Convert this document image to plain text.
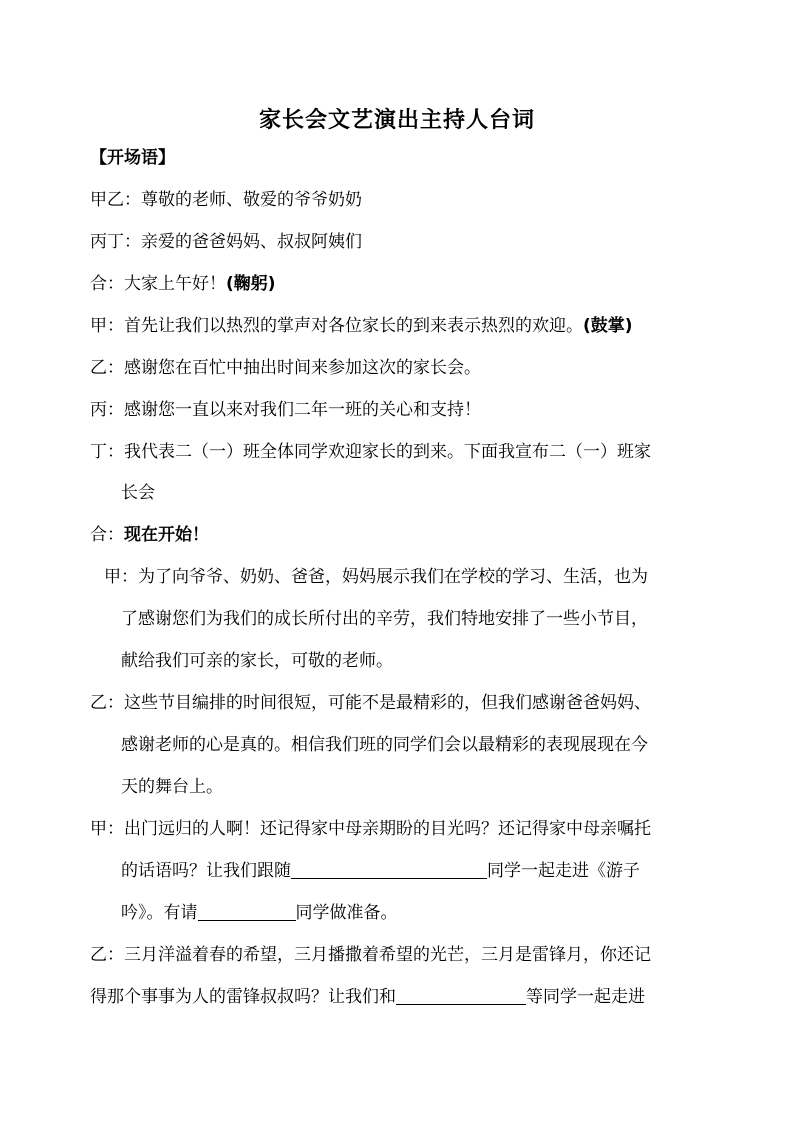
家长会文艺演出主持人台词
【开场语】
甲乙：尊敬的老师、敬爱的爷爷奶奶
丙丁：亲爱的爸爸妈妈、叔叔阿姨们
合：大家上午好！(鞠躬)
甲：首先让我们以热烈的掌声对各位家长的到来表示热烈的欢迎。(鼓掌)
乙：感谢您在百忙中抽出时间来参加这次的家长会。
丙：感谢您一直以来对我们二年一班的关心和支持！
丁：我代表二（一）班全体同学欢迎家长的到来。下面我宣布二（一）班家
长会
合：现在开始！
甲：为了向爷爷、奶奶、爸爸，妈妈展示我们在学校的学习、生活，也为
了感谢您们为我们的成长所付出的辛劳，我们特地安排了一些小节目，
献给我们可亲的家长，可敬的老师。
乙：这些节目编排的时间很短，可能不是最精彩的，但我们感谢爸爸妈妈、
感谢老师的心是真的。相信我们班的同学们会以最精彩的表现展现在今
天的舞台上。
甲：出门远归的人啊！还记得家中母亲期盼的目光吗？还记得家中母亲嘱托
的话语吗？让我们跟随	同学一起走进《游子
吟》。有请	同学做准备。
乙：三月洋溢着春的希望，三月播撒着希望的光芒，三月是雷锋月，你还记
得那个事事为人的雷锋叔叔吗？让我们和	等同学一起走进
